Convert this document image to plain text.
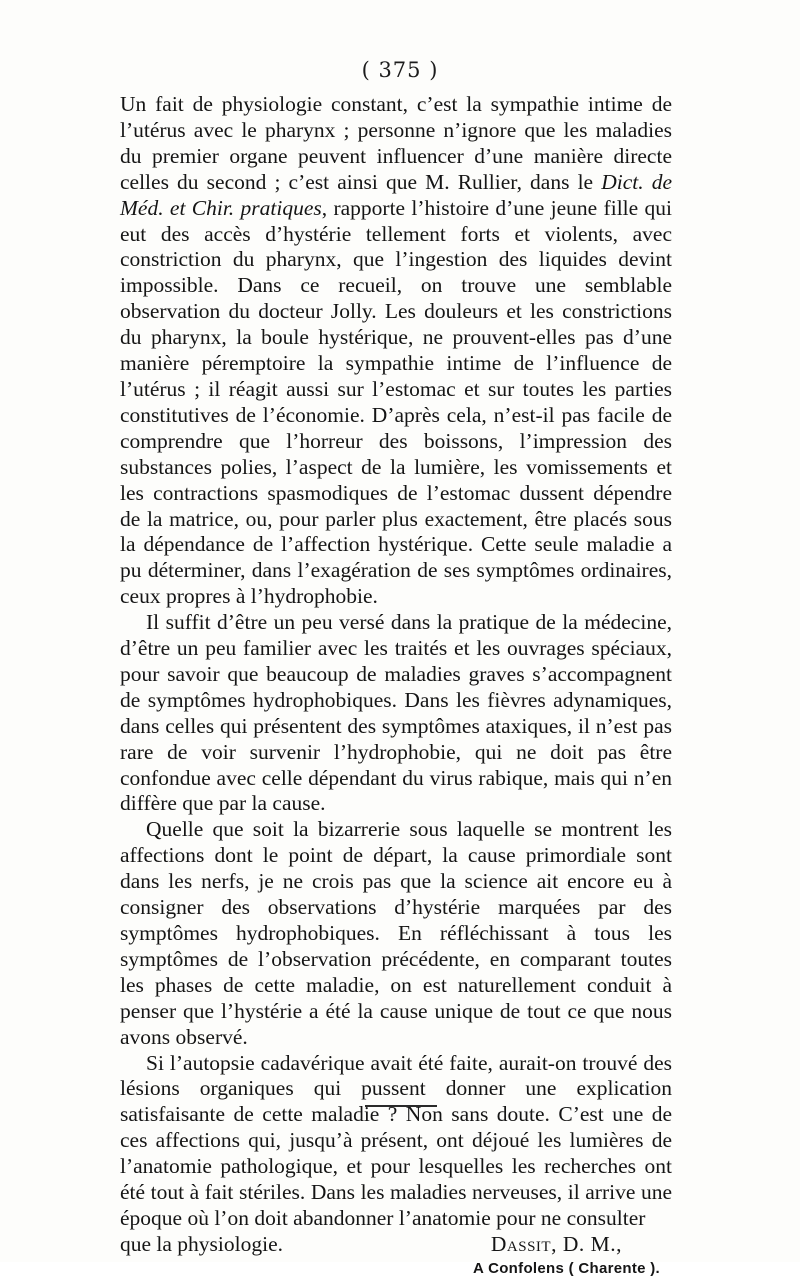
( 375 )

Un fait de physiologie constant, c’est la sympathie intime de l’utérus avec le pharynx ; personne n’ignore que les maladies du premier organe peuvent influencer d’une manière directe celles du second ; c’est ainsi que M. Rullier, dans le Dict. de Méd. et Chir. pratiques, rapporte l’histoire d’une jeune fille qui eut des accès d’hystérie tellement forts et violents, avec constriction du pharynx, que l’ingestion des liquides devint impossible. Dans ce recueil, on trouve une semblable observation du docteur Jolly. Les douleurs et les constrictions du pharynx, la boule hystérique, ne prouvent-elles pas d’une manière péremptoire la sympathie intime de l’influence de l’utérus ; il réagit aussi sur l’estomac et sur toutes les parties constitutives de l’économie. D’après cela, n’est-il pas facile de comprendre que l’horreur des boissons, l’impression des substances polies, l’aspect de la lumière, les vomissements et les contractions spasmodiques de l’estomac dussent dépendre de la matrice, ou, pour parler plus exactement, être placés sous la dépendance de l’affection hystérique. Cette seule maladie a pu déterminer, dans l’exagération de ses symptômes ordinaires, ceux propres à l’hydrophobie.

Il suffit d’être un peu versé dans la pratique de la médecine, d’être un peu familier avec les traités et les ouvrages spéciaux, pour savoir que beaucoup de maladies graves s’accompagnent de symptômes hydrophobiques. Dans les fièvres adynamiques, dans celles qui présentent des symptômes ataxiques, il n’est pas rare de voir survenir l’hydrophobie, qui ne doit pas être confondue avec celle dépendant du virus rabique, mais qui n’en diffère que par la cause.

Quelle que soit la bizarrerie sous laquelle se montrent les affections dont le point de départ, la cause primordiale sont dans les nerfs, je ne crois pas que la science ait encore eu à consigner des observations d’hystérie marquées par des symptômes hydrophobiques. En réfléchissant à tous les symptômes de l’observation précédente, en comparant toutes les phases de cette maladie, on est naturellement conduit à penser que l’hystérie a été la cause unique de tout ce que nous avons observé.

Si l’autopsie cadavérique avait été faite, aurait-on trouvé des lésions organiques qui pussent donner une explication satisfaisante de cette maladie ? Non sans doute. C’est une de ces affections qui, jusqu’à présent, ont déjoué les lumières de l’anatomie pathologique, et pour lesquelles les recherches ont été tout à fait stériles. Dans les maladies nerveuses, il arrive une époque où l’on doit abandonner l’anatomie pour ne consulter

que la physiologie.	Dassit, D. M.,
A Confolens ( Charente ).
